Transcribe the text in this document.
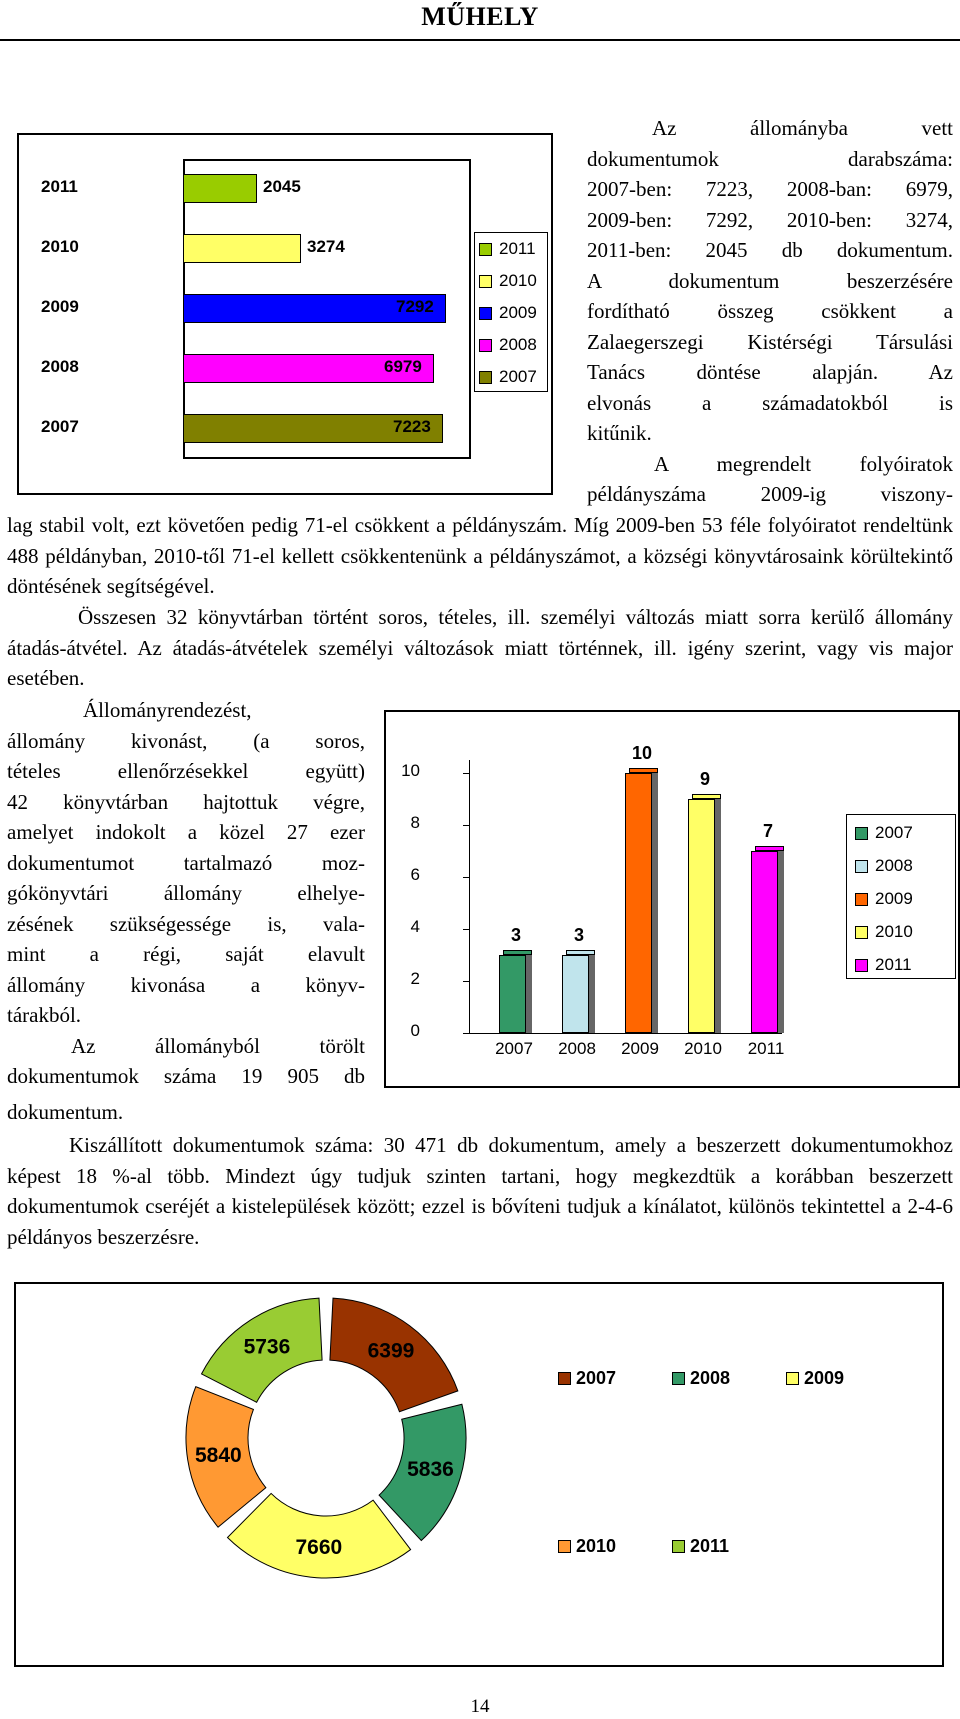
MŰHELY
2011
2010
2009
2008
2007
2045
3274
7292
6979
7223
2011
2010
2009
2008
2007
Az állományba vett
dokumentumok darabszáma:
2007-ben: 7223, 2008-ban: 6979,
2009-ben: 7292, 2010-ben: 3274,
2011-ben: 2045 db dokumentum.
A dokumentum beszerzésére
fordítható összeg csökkent a
Zalaegerszegi Kistérségi Társulási
Tanács döntése alapján. Az
elvonás a számadatokból is
kitűnik.
A megrendelt folyóiratok
példányszáma 2009-ig viszony-
lag stabil volt, ezt követően pedig 71-el csökkent a példányszám. Míg 2009-ben 53 féle folyóiratot rendeltünk 488 példányban, 2010-től 71-el kellett csökkentenünk a példányszámot, a községi könyvtárosaink körültekintő döntésének segítségével.
Összesen 32 könyvtárban történt soros, tételes, ill. személyi változás miatt sorra kerülő állomány átadás-átvétel. Az átadás-átvételek személyi változások miatt történnek, ill. igény szerint, vagy vis major esetében.
Állományrendezést,
állomány kivonást, (a soros,
tételes ellenőrzésekkel együtt)
42 könyvtárban hajtottuk végre,
amelyet indokolt a közel 27 ezer
dokumentumot tartalmazó moz-
gókönyvtári állomány elhelye-
zésének szükségessége is, vala-
mint a régi, saját elavult
állomány kivonása a könyv-
tárakból.
Az állományból törölt
dokumentumok száma 19 905 db
dokumentum.
10
8
6
4
2
0
3	3
10
9
7
2007	2008	2009	2010	2011
2007
2008
2009
2010
2011
Kiszállított dokumentumok száma: 30 471 db dokumentum, amely a beszerzett dokumentumokhoz képest 18 %-al több. Mindezt úgy tudjuk szinten tartani, hogy megkezdtük a korábban beszerzett dokumentumok cseréjét a kistelepülések között; ezzel is bővíteni tudjuk a kínálatot, különös tekintettel a 2-4-6 példányos beszerzésre.
6399
5836
7660
5840
5736
2007	2008	2009
2010	2011
14
